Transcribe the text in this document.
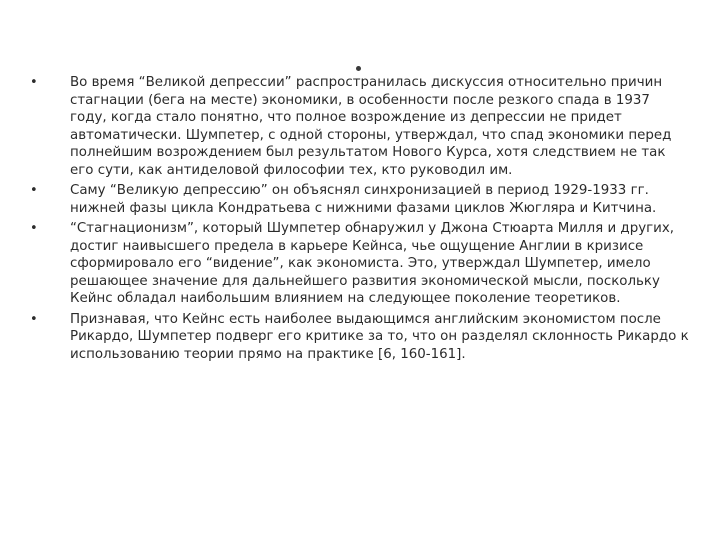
•	Во время “Великой депрессии” распространилась дискуссия относительно причин стагнации (бега на месте) экономики, в особенности после резкого спада в 1937 году, когда стало понятно, что полное возрождение из депрессии не придет автоматически. Шумпетер, с одной стороны, утверждал, что спад экономики перед полнейшим возрождением был результатом Нового Курса, хотя следствием не так его сути, как антиделовой философии тех, кто руководил им.
•	Саму “Великую депрессию” он объяснял синхронизацией в период 1929-1933 гг. нижней фазы цикла Кондратьева с нижними фазами циклов Жюгляра и Китчина.
•	“Стагнационизм”, который Шумпетер обнаружил у Джона Стюарта Милля и других, достиг наивысшего предела в карьере Кейнса, чье ощущение Англии в кризисе сформировало его “видение”, как экономиста. Это, утверждал Шумпетер, имело решающее значение для дальнейшего развития экономической мысли, поскольку Кейнс обладал наибольшим влиянием на следующее поколение теоретиков.
•	Признавая, что Кейнс есть наиболее выдающимся английским экономистом после Рикардо, Шумпетер подверг его критике за то, что он разделял склонность Рикардо к использованию теории прямо на практике [6, 160-161].
